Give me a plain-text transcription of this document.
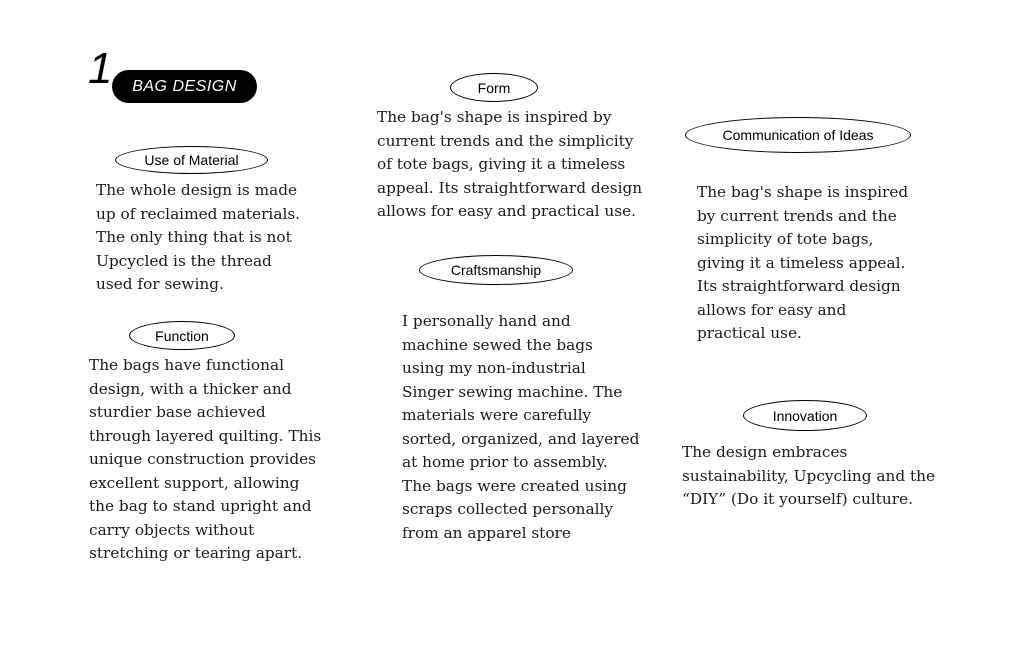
1	BAG DESIGN
Use of Material

The whole design is made
up of reclaimed materials.
The only thing that is not
Upcycled is the thread
used for sewing.

Function

The bags have functional
design, with a thicker and
sturdier base achieved
through layered quilting. This
unique construction provides
excellent support, allowing
the bag to stand upright and
carry objects without
stretching or tearing apart.

Form

The bag's shape is inspired by
current trends and the simplicity
of tote bags, giving it a timeless
appeal. Its straightforward design
allows for easy and practical use.

Craftsmanship

I personally hand and
machine sewed the bags
using my non-industrial
Singer sewing machine. The
materials were carefully
sorted, organized, and layered
at home prior to assembly.
The bags were created using
scraps collected personally
from an apparel store

Communication of Ideas

The bag's shape is inspired
by current trends and the
simplicity of tote bags,
giving it a timeless appeal.
Its straightforward design
allows for easy and
practical use.

Innovation

The design embraces
sustainability, Upcycling and the
“DIY” (Do it yourself) culture.
